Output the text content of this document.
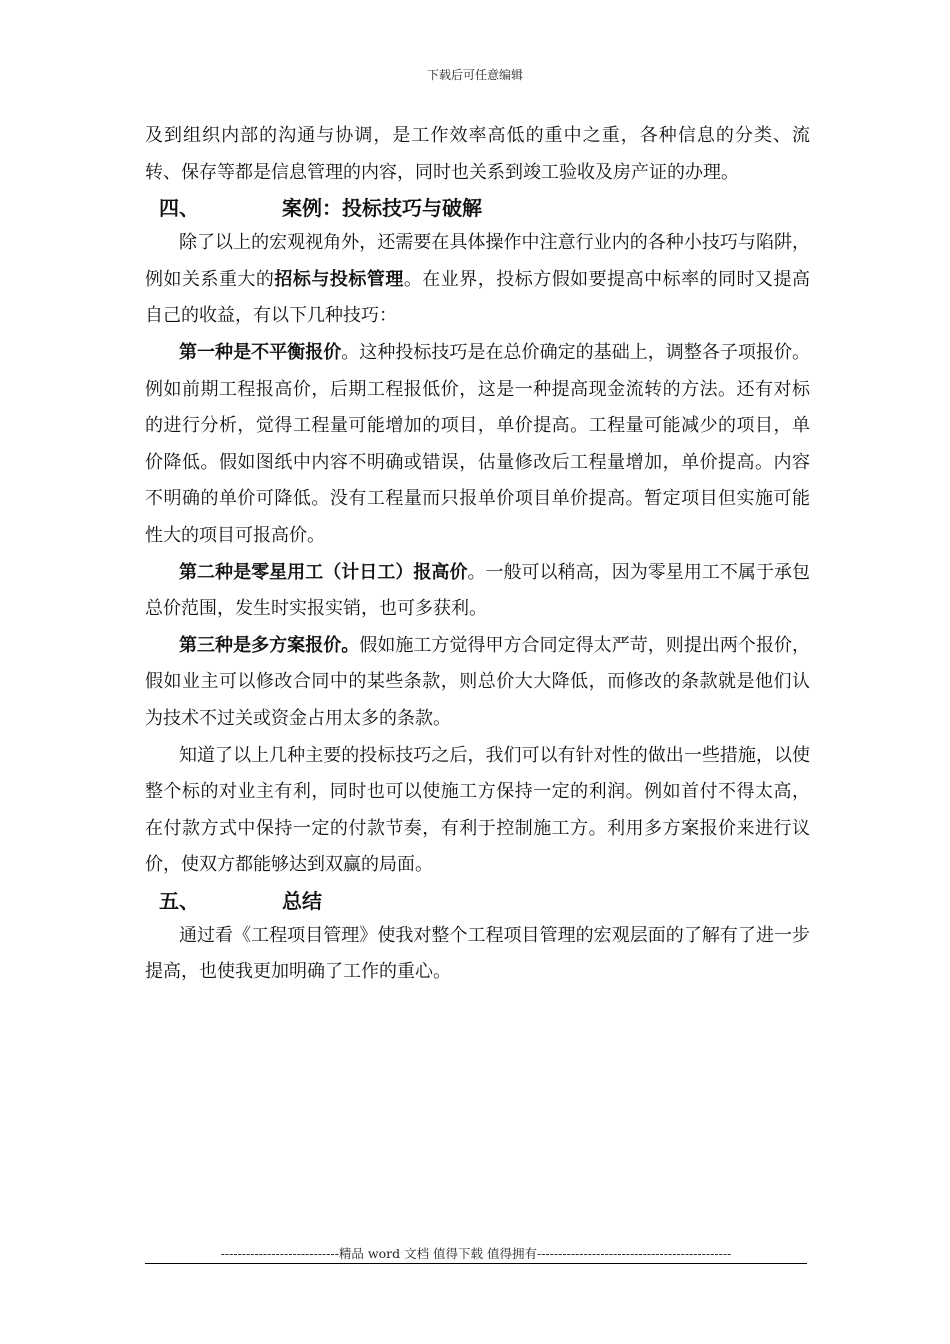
下载后可任意编辑

及到组织内部的沟通与协调，是工作效率高低的重中之重，各种信息的分类、流转、保存等都是信息管理的内容，同时也关系到竣工验收及房产证的办理。

四、	案例：投标技巧与破解

除了以上的宏观视角外，还需要在具体操作中注意行业内的各种小技巧与陷阱，例如关系重大的招标与投标管理。在业界，投标方假如要提高中标率的同时又提高自己的收益，有以下几种技巧：

第一种是不平衡报价。这种投标技巧是在总价确定的基础上，调整各子项报价。例如前期工程报高价，后期工程报低价，这是一种提高现金流转的方法。还有对标的进行分析，觉得工程量可能增加的项目，单价提高。工程量可能减少的项目，单价降低。假如图纸中内容不明确或错误，估量修改后工程量增加，单价提高。内容不明确的单价可降低。没有工程量而只报单价项目单价提高。暂定项目但实施可能性大的项目可报高价。

第二种是零星用工（计日工）报高价。一般可以稍高，因为零星用工不属于承包总价范围，发生时实报实销，也可多获利。

第三种是多方案报价。假如施工方觉得甲方合同定得太严苛，则提出两个报价，假如业主可以修改合同中的某些条款，则总价大大降低，而修改的条款就是他们认为技术不过关或资金占用太多的条款。

知道了以上几种主要的投标技巧之后，我们可以有针对性的做出一些措施，以使整个标的对业主有利，同时也可以使施工方保持一定的利润。例如首付不得太高，在付款方式中保持一定的付款节奏，有利于控制施工方。利用多方案报价来进行议价，使双方都能够达到双赢的局面。

五、	总结

通过看《工程项目管理》使我对整个工程项目管理的宏观层面的了解有了进一步提高，也使我更加明确了工作的重心。

----------------------------精品 word 文档 值得下载 值得拥有----------------------------------------------
